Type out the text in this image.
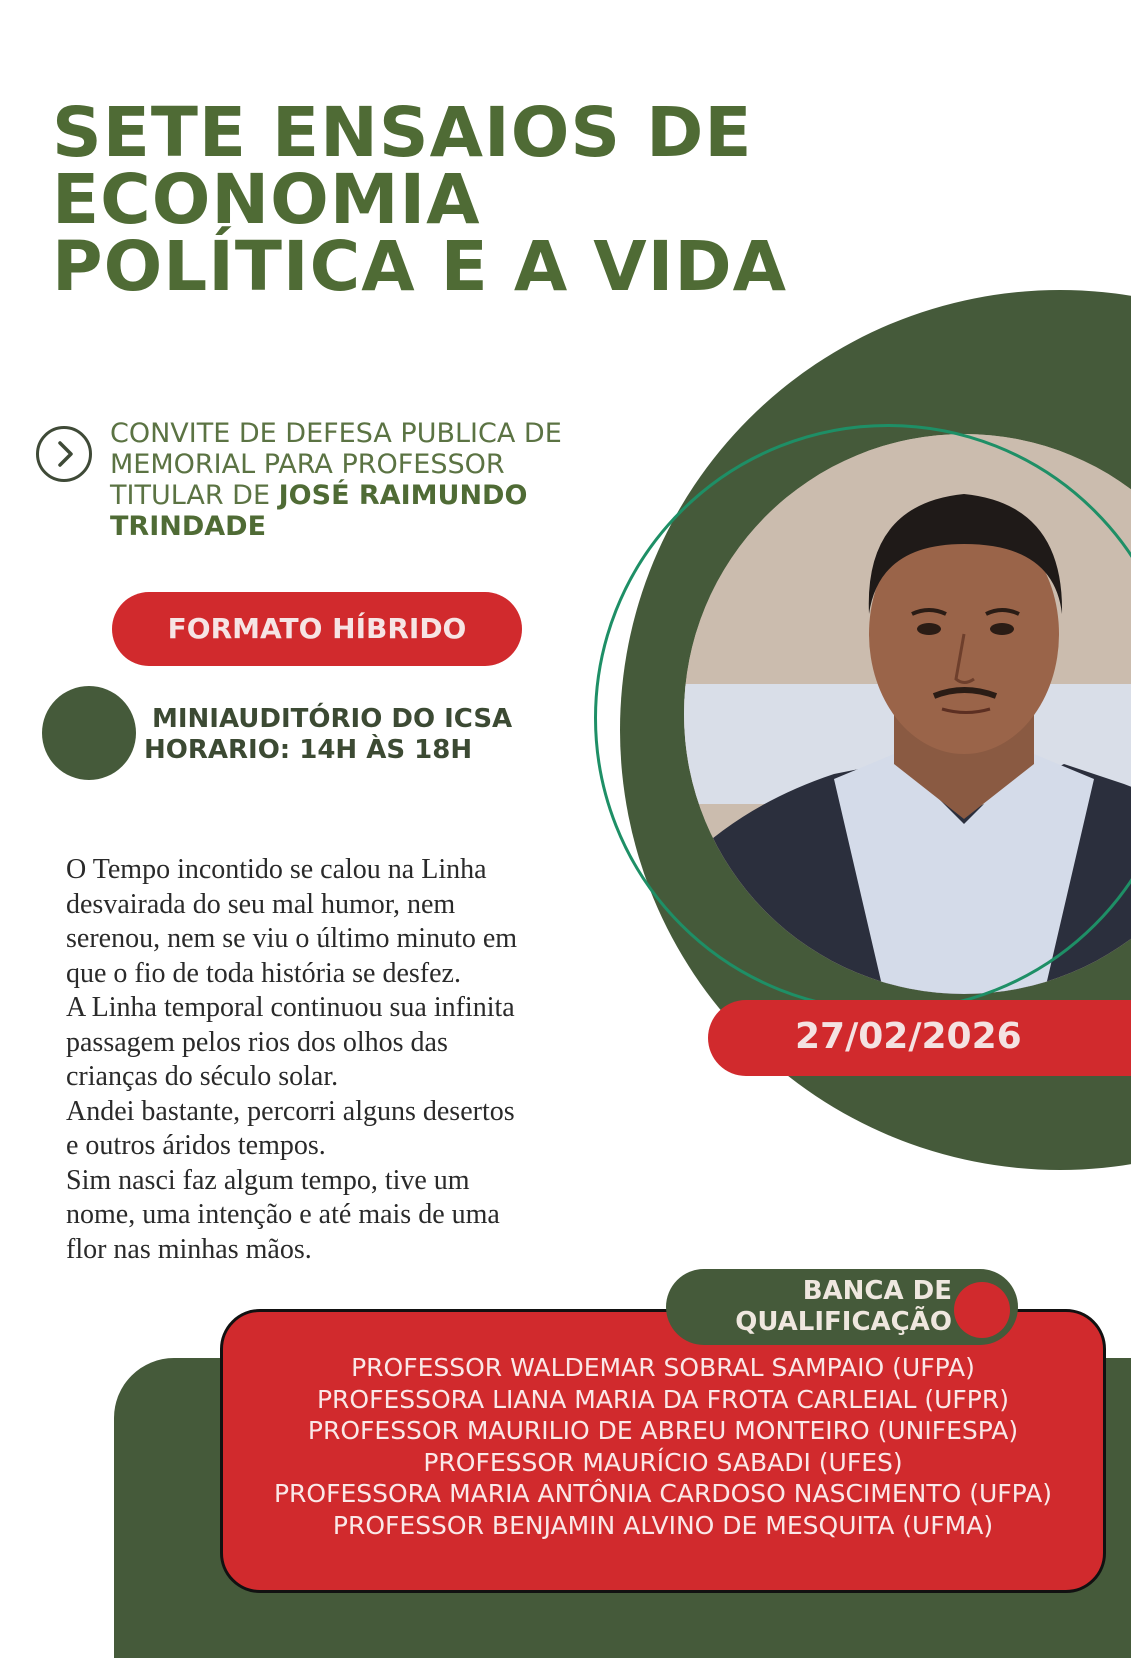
SETE ENSAIOS DE
ECONOMIA
POLÍTICA E A VIDA

CONVITE DE DEFESA PUBLICA DE
MEMORIAL PARA PROFESSOR
TITULAR DE JOSÉ RAIMUNDO
TRINDADE

FORMATO HÍBRIDO

MINIAUDITÓRIO DO ICSA
HORARIO: 14H ÀS 18H

O Tempo incontido se calou na Linha
desvairada do seu mal humor, nem
serenou, nem se viu o último minuto em
que o fio de toda história se desfez.
A Linha temporal continuou sua infinita
passagem pelos rios dos olhos das
crianças do século solar.
Andei bastante, percorri alguns desertos
e outros áridos tempos.
Sim nasci faz algum tempo, tive um
nome, uma intenção e até mais de uma
flor nas minhas mãos.

27/02/2026

PROFESSOR WALDEMAR SOBRAL SAMPAIO (UFPA)
PROFESSORA LIANA MARIA DA FROTA CARLEIAL (UFPR)
PROFESSOR MAURILIO DE ABREU MONTEIRO (UNIFESPA)
PROFESSOR MAURÍCIO SABADI (UFES)
PROFESSORA MARIA ANTÔNIA CARDOSO NASCIMENTO (UFPA)
PROFESSOR BENJAMIN ALVINO DE MESQUITA (UFMA)

BANCA DE
QUALIFICAÇÃO
